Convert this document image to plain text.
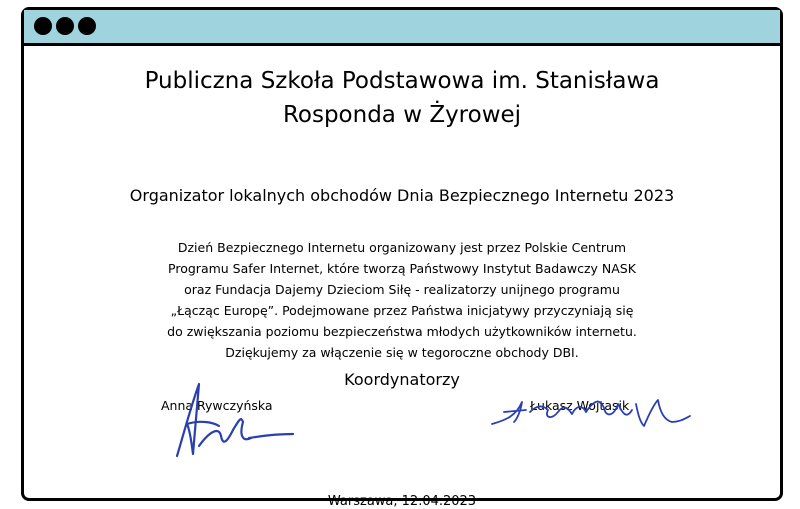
Publiczna Szkoła Podstawowa im. Stanisława
Rosponda w Żyrowej
Organizator lokalnych obchodów Dnia Bezpiecznego Internetu 2023
Dzień Bezpiecznego Internetu organizowany jest przez Polskie Centrum
Programu Safer Internet, które tworzą Państwowy Instytut Badawczy NASK
oraz Fundacja Dajemy Dzieciom Siłę - realizatorzy unijnego programu
„Łącząc Europę”. Podejmowane przez Państwa inicjatywy przyczyniają się
do zwiększania poziomu bezpieczeństwa młodych użytkowników internetu.
Dziękujemy za włączenie się w tegoroczne obchody DBI.
Koordynatorzy
Anna Rywczyńska	Łukasz Wojtasik
Warszawa, 12.04.2023
